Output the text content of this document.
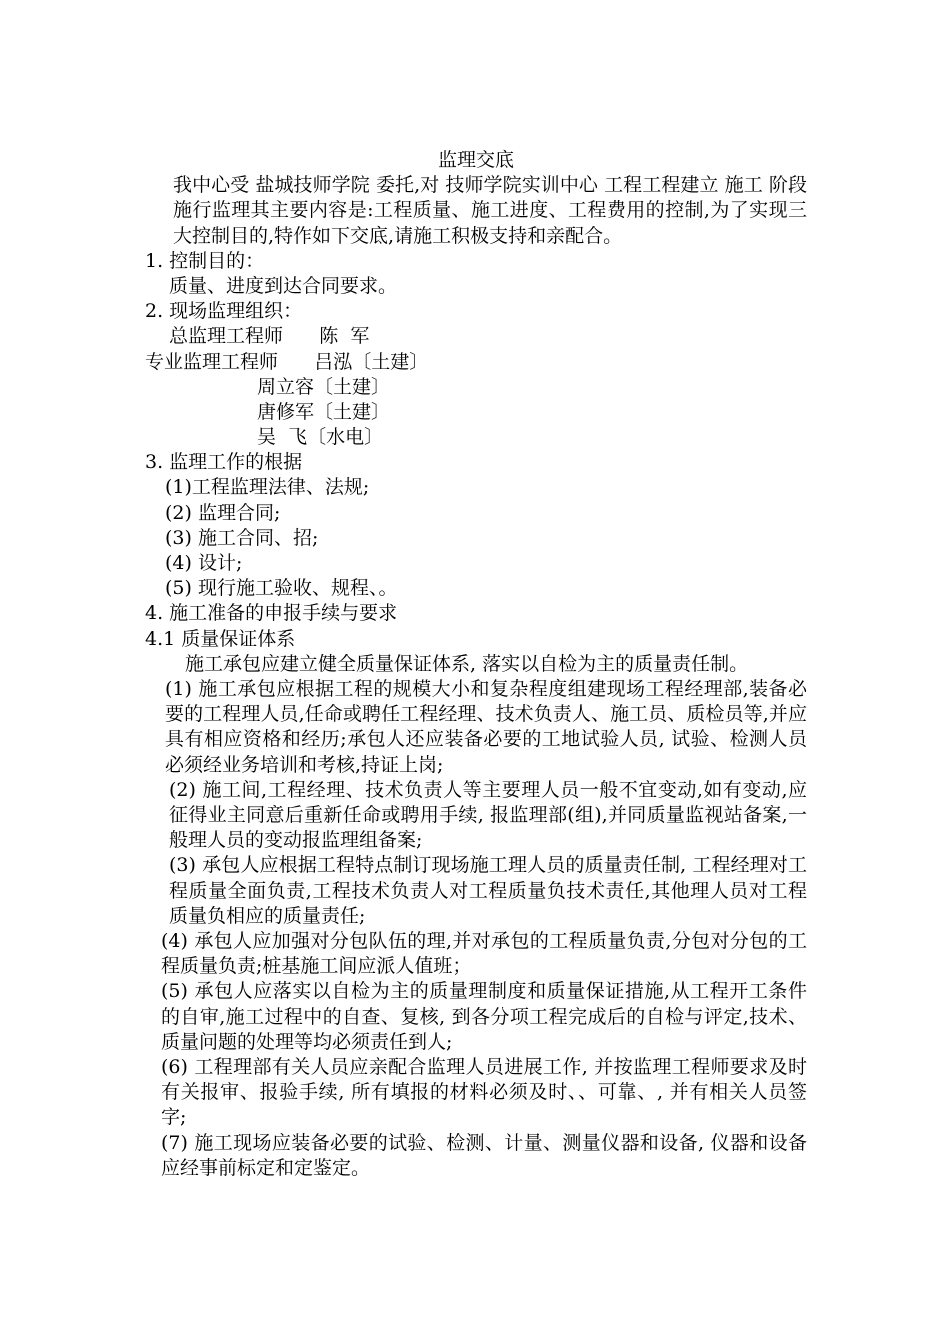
监理交底
我中心受 盐城技师学院 委托,对 技师学院实训中心 工程工程建立 施工 阶段施行监理其主要内容是:工程质量、施工进度、工程费用的控制,为了实现三大控制目的,特作如下交底,请施工积极支持和亲配合。
1. 控制目的：
质量、进度到达合同要求。
2. 现场监理组织：
总监理工程师      陈  军
专业监理工程师      吕泓〔土建〕
周立容〔土建〕
唐修军〔土建〕
吴  飞〔水电〕
3. 监理工作的根据
(1)工程监理法律、法规;
(2) 监理合同;
(3) 施工合同、招;
(4) 设计;
(5) 现行施工验收、规程、。
4. 施工准备的申报手续与要求
4.1 质量保证体系
施工承包应建立健全质量保证体系, 落实以自检为主的质量责任制。
(1) 施工承包应根据工程的规模大小和复杂程度组建现场工程经理部,装备必要的工程理人员,任命或聘任工程经理、技术负责人、施工员、质检员等,并应具有相应资格和经历;承包人还应装备必要的工地试验人员, 试验、检测人员必须经业务培训和考核,持证上岗;
(2) 施工间,工程经理、技术负责人等主要理人员一般不宜变动,如有变动,应征得业主同意后重新任命或聘用手续, 报监理部(组),并同质量监视站备案,一般理人员的变动报监理组备案;
(3) 承包人应根据工程特点制订现场施工理人员的质量责任制, 工程经理对工程质量全面负责,工程技术负责人对工程质量负技术责任,其他理人员对工程质量负相应的质量责任;
(4) 承包人应加强对分包队伍的理,并对承包的工程质量负责,分包对分包的工程质量负责;桩基施工间应派人值班；
(5) 承包人应落实以自检为主的质量理制度和质量保证措施,从工程开工条件的自审,施工过程中的自查、复核, 到各分项工程完成后的自检与评定,技术、质量问题的处理等均必须责任到人;
(6) 工程理部有关人员应亲配合监理人员进展工作, 并按监理工程师要求及时有关报审、报验手续, 所有填报的材料必须及时、、可靠、, 并有相关人员签字;
(7) 施工现场应装备必要的试验、检测、计量、测量仪器和设备, 仪器和设备应经事前标定和定鉴定。
